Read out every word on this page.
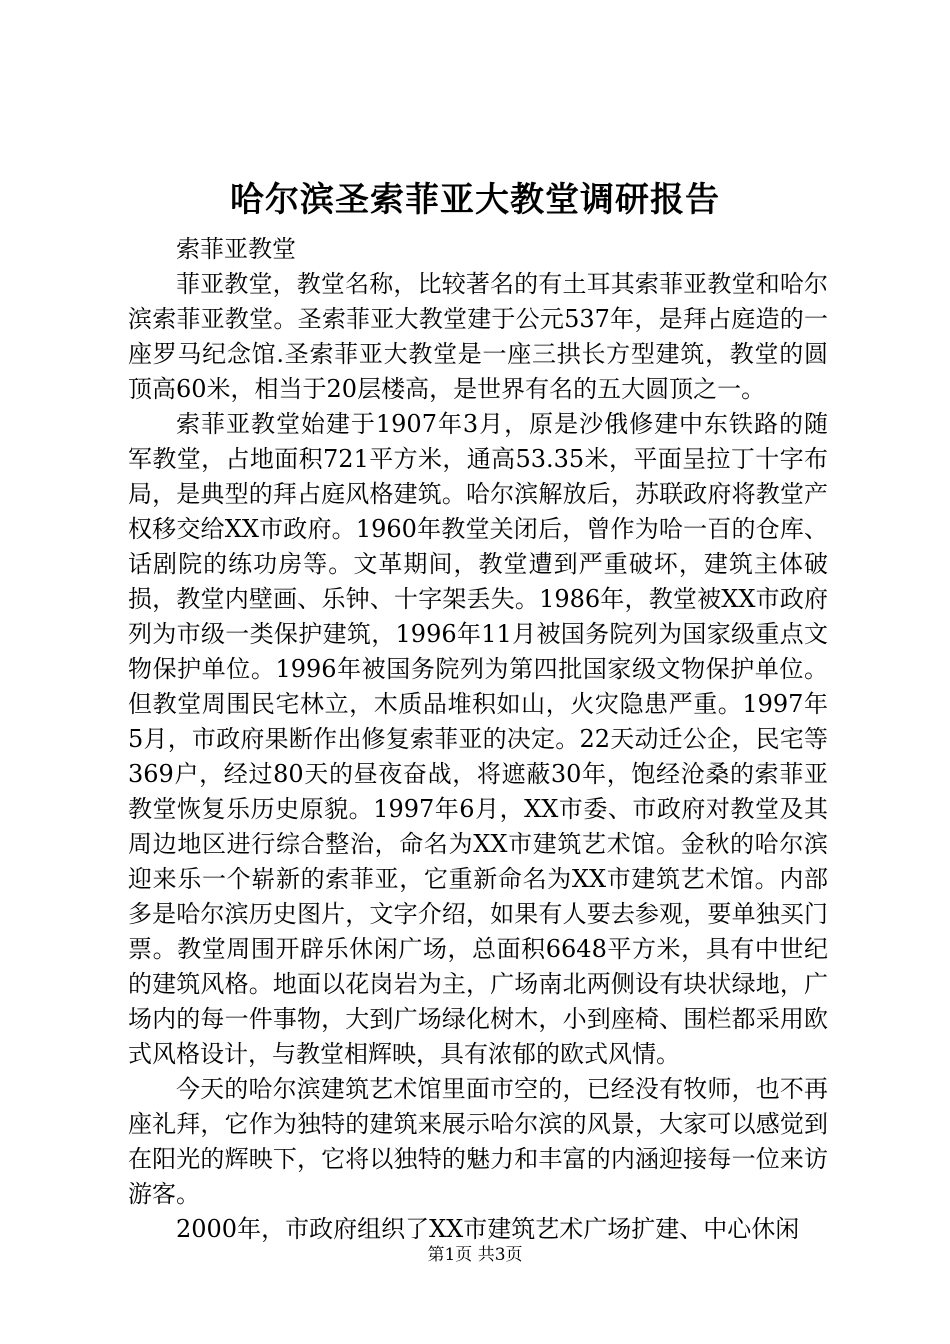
哈尔滨圣索菲亚大教堂调研报告

索菲亚教堂

菲亚教堂，教堂名称，比较著名的有土耳其索菲亚教堂和哈尔滨索菲亚教堂。圣索菲亚大教堂建于公元537年，是拜占庭造的一座罗马纪念馆.圣索菲亚大教堂是一座三拱长方型建筑，教堂的圆顶高60米，相当于20层楼高，是世界有名的五大圆顶之一。

索菲亚教堂始建于1907年3月，原是沙俄修建中东铁路的随军教堂，占地面积721平方米，通高53.35米，平面呈拉丁十字布局，是典型的拜占庭风格建筑。哈尔滨解放后，苏联政府将教堂产权移交给XX市政府。1960年教堂关闭后，曾作为哈一百的仓库、话剧院的练功房等。文革期间，教堂遭到严重破坏，建筑主体破损，教堂内壁画、乐钟、十字架丢失。1986年，教堂被XX市政府列为市级一类保护建筑，1996年11月被国务院列为国家级重点文物保护单位。1996年被国务院列为第四批国家级文物保护单位。但教堂周围民宅林立，木质品堆积如山，火灾隐患严重。1997年5月，市政府果断作出修复索菲亚的决定。22天动迁公企，民宅等369户，经过80天的昼夜奋战，将遮蔽30年，饱经沧桑的索菲亚教堂恢复乐历史原貌。1997年6月，XX市委、市政府对教堂及其周边地区进行综合整治，命名为XX市建筑艺术馆。金秋的哈尔滨迎来乐一个崭新的索菲亚，它重新命名为XX市建筑艺术馆。内部多是哈尔滨历史图片，文字介绍，如果有人要去参观，要单独买门票。教堂周围开辟乐休闲广场，总面积6648平方米，具有中世纪的建筑风格。地面以花岗岩为主，广场南北两侧设有块状绿地，广场内的每一件事物，大到广场绿化树木，小到座椅、围栏都采用欧式风格设计，与教堂相辉映，具有浓郁的欧式风情。

今天的哈尔滨建筑艺术馆里面市空的，已经没有牧师，也不再座礼拜，它作为独特的建筑来展示哈尔滨的风景，大家可以感觉到在阳光的辉映下，它将以独特的魅力和丰富的内涵迎接每一位来访游客。

2000年，市政府组织了XX市建筑艺术广场扩建、中心休闲

第1页 共3页
